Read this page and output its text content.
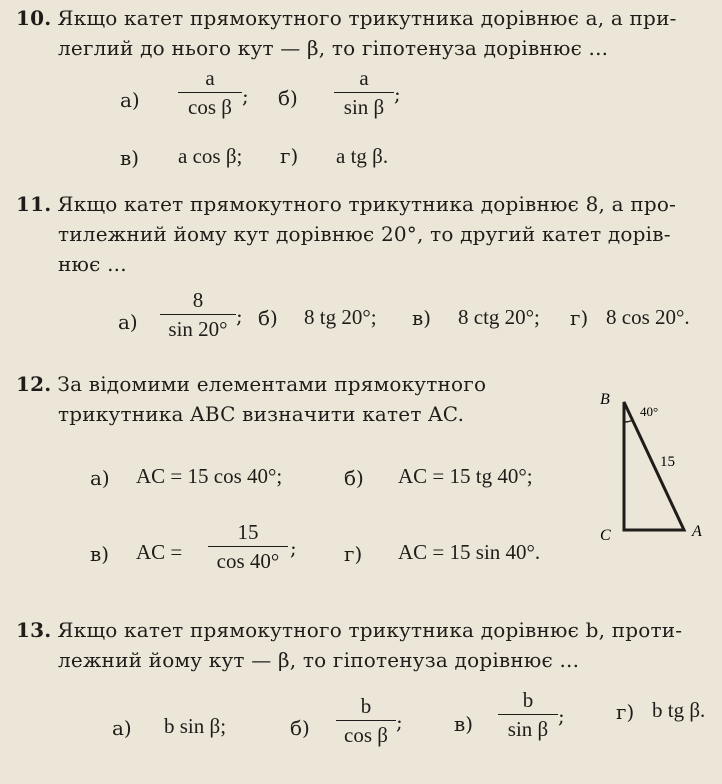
10. Якщо катет прямокутного трикутника дорівнює a, а при-
леглий до нього кут — β, то гіпотенуза дорівнює ...
а)
a
cos β ; б)
a
sin β
;
в) a cos β; г) a tg β.
11. Якщо катет прямокутного трикутника дорівнює 8, а про-
тилежний йому кут дорівнює 20°, то другий катет дорів-
нює ...
а)
8
sin 20°
; б) 8 tg 20°; в) 8 ctg 20°; г) 8 cos 20°.
12. За відомими елементами прямокутного
трикутника ABC визначити катет AC.
а) AC = 15 cos 40°;	б) AC = 15 tg 40°;
в) AC =
15
cos 40°
; г) AC = 15 sin 40°.
B
40°
15
C	A
13. Якщо катет прямокутного трикутника дорівнює b, проти-
лежний йому кут — β, то гіпотенуза дорівнює ...
а) b sin β;	б)
b
cos β
;	в)
b
sin β
;	г) b tg β.
